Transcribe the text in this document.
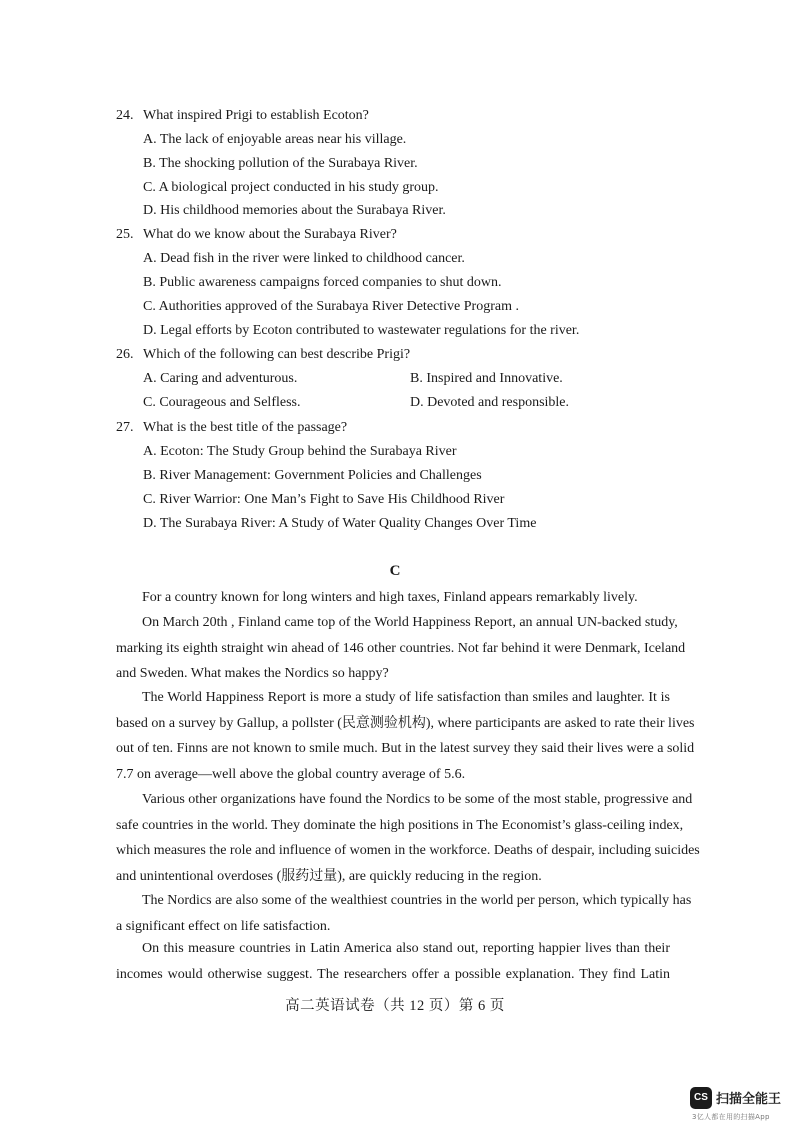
24. What inspired Prigi to establish Ecoton?
A. The lack of enjoyable areas near his village.
B. The shocking pollution of the Surabaya River.
C. A biological project conducted in his study group.
D. His childhood memories about the Surabaya River.
25. What do we know about the Surabaya River?
A. Dead fish in the river were linked to childhood cancer.
B. Public awareness campaigns forced companies to shut down.
C. Authorities approved of the Surabaya River Detective Program .
D. Legal efforts by Ecoton contributed to wastewater regulations for the river.
26. Which of the following can best describe Prigi?
A. Caring and adventurous.	B. Inspired and Innovative.
C. Courageous and Selfless.	D. Devoted and responsible.
27. What is the best title of the passage?
A. Ecoton: The Study Group behind the Surabaya River
B. River Management: Government Policies and Challenges
C. River Warrior: One Man’s Fight to Save His Childhood River
D. The Surabaya River: A Study of Water Quality Changes Over Time
C
For a country known for long winters and high taxes, Finland appears remarkably lively.
On March 20th , Finland came top of the World Happiness Report, an annual UN-backed study,
marking its eighth straight win ahead of 146 other countries. Not far behind it were Denmark, Iceland
and Sweden. What makes the Nordics so happy?
The World Happiness Report is more a study of life satisfaction than smiles and laughter. It is
based on a survey by Gallup, a pollster (民意测验机构), where participants are asked to rate their lives
out of ten. Finns are not known to smile much. But in the latest survey they said their lives were a solid
7.7 on average—well above the global country average of 5.6.
Various other organizations have found the Nordics to be some of the most stable, progressive and
safe countries in the world. They dominate the high positions in The Economist’s glass-ceiling index,
which measures the role and influence of women in the workforce. Deaths of despair, including suicides
and unintentional overdoses (服药过量), are quickly reducing in the region.
The Nordics are also some of the wealthiest countries in the world per person, which typically has
a significant effect on life satisfaction.
On this measure countries in Latin America also stand out, reporting happier lives than their
incomes would otherwise suggest. The researchers offer a possible explanation. They find Latin
高二英语试卷（共 12 页）第 6 页
CS 扫描全能王
3亿人都在用的扫描App
